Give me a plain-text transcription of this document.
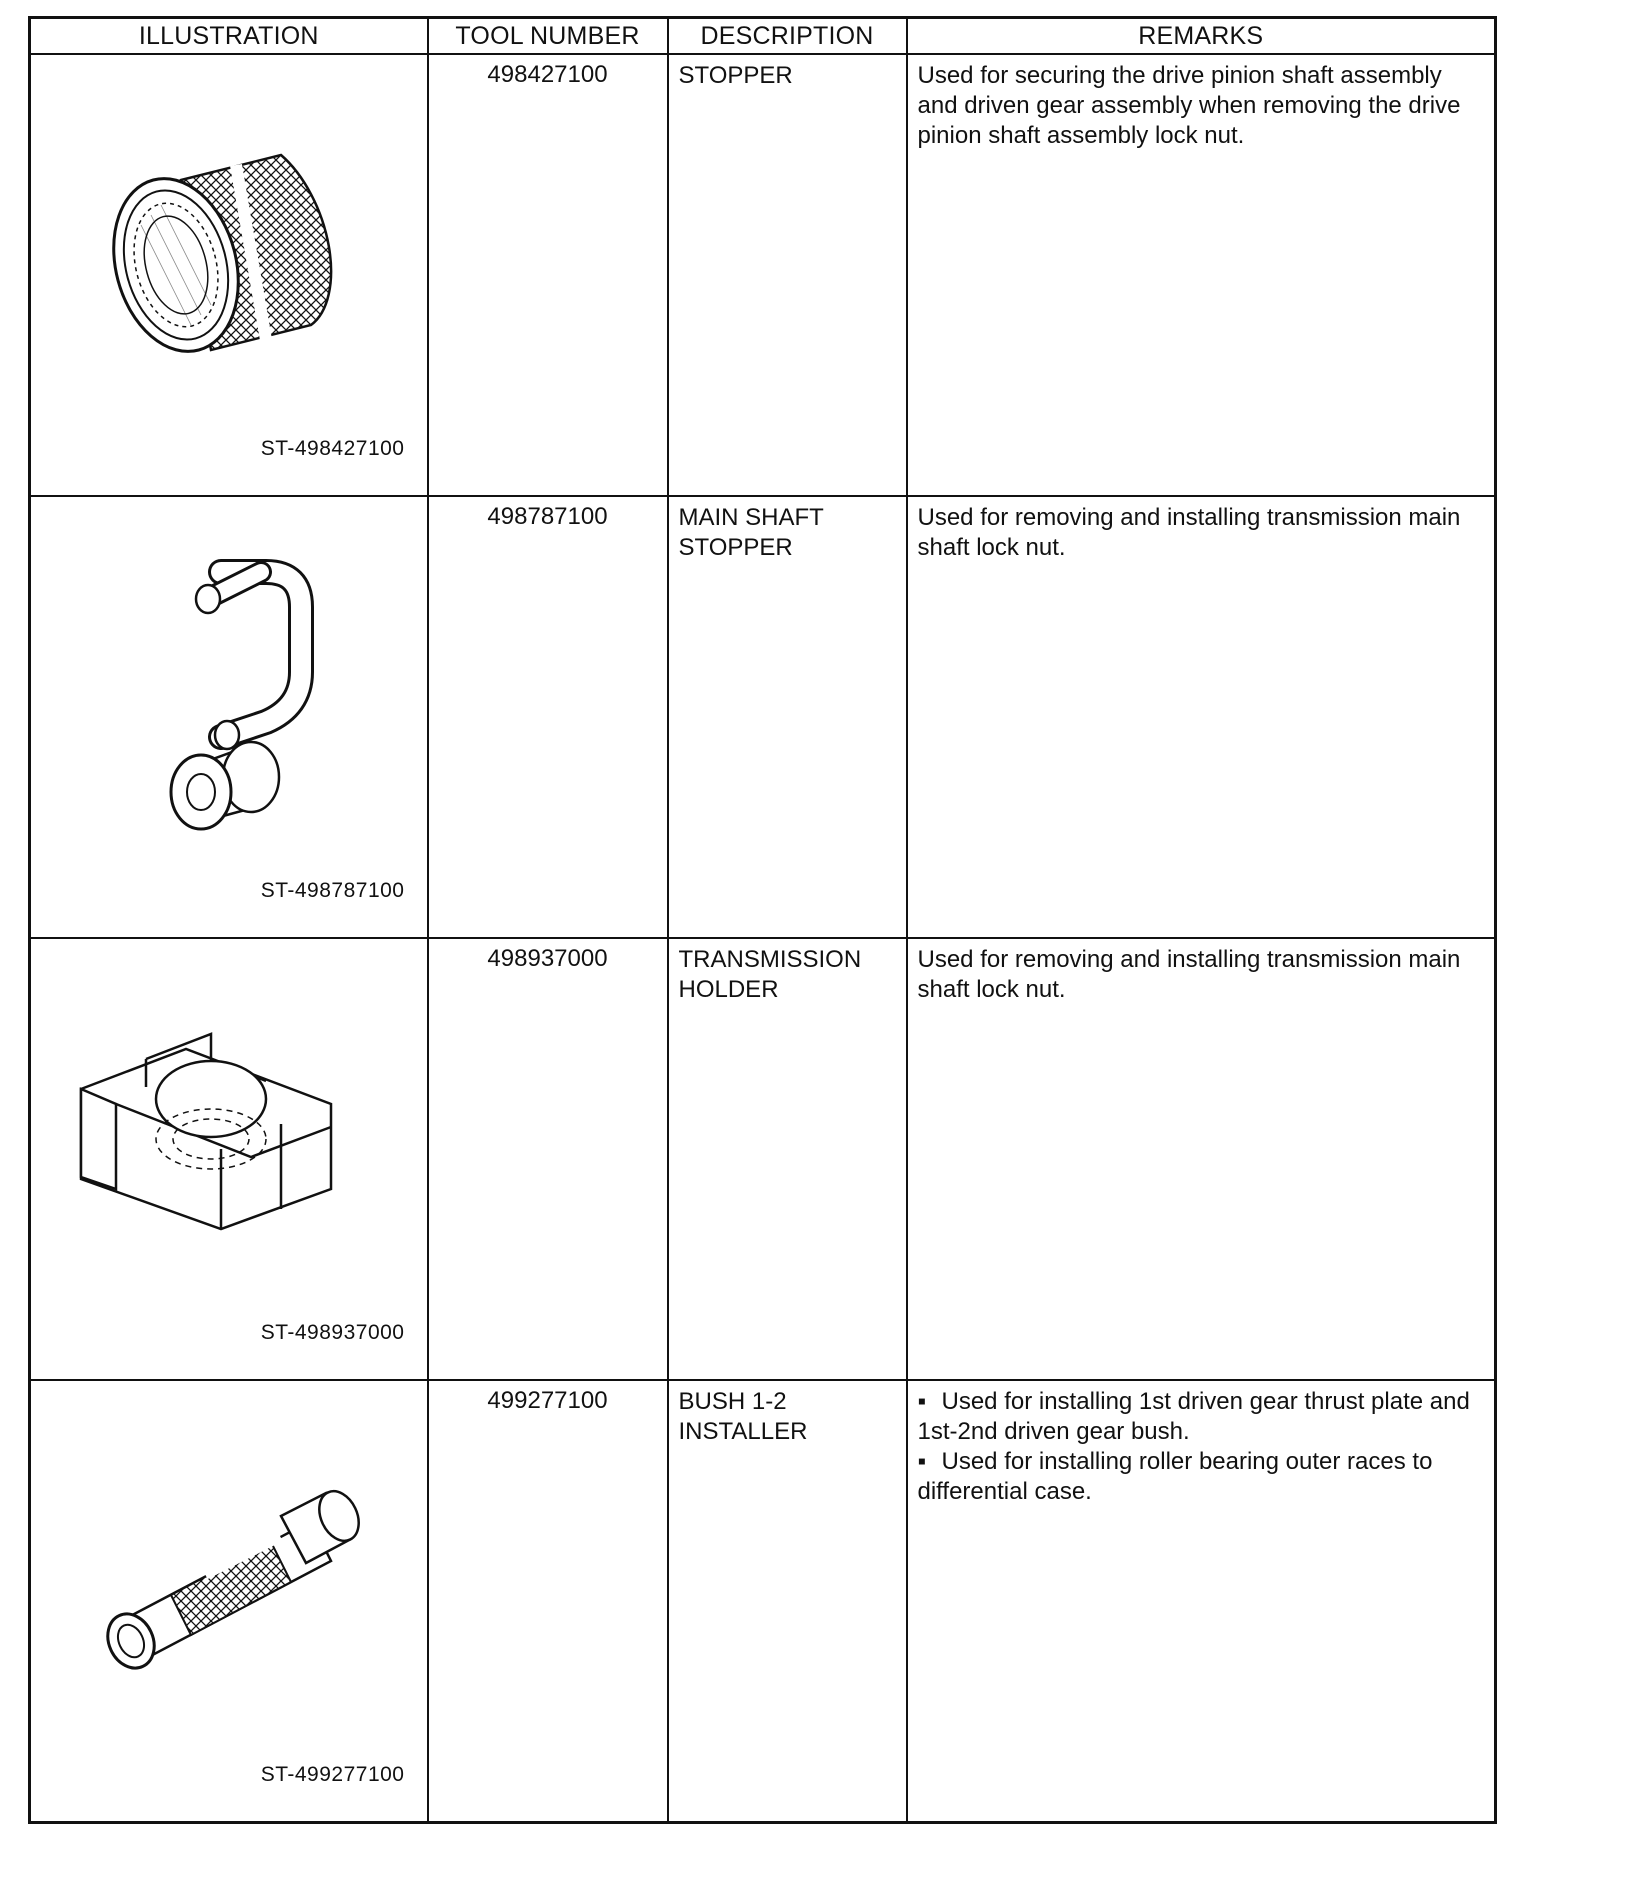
ILLUSTRATION	TOOL NUMBER	DESCRIPTION	REMARKS

ST-498427100	498427100	STOPPER	Used for securing the drive pinion shaft assembly and driven gear assembly when removing the drive pinion shaft assembly lock nut.

ST-498787100	498787100	MAIN SHAFT STOPPER	Used for removing and installing transmission main shaft lock nut.

ST-498937000	498937000	TRANSMISSION HOLDER	Used for removing and installing transmission main shaft lock nut.

ST-499277100	499277100	BUSH 1-2 INSTALLER	▪ Used for installing 1st driven gear thrust plate and 1st-2nd driven gear bush.
▪ Used for installing roller bearing outer races to differential case.
